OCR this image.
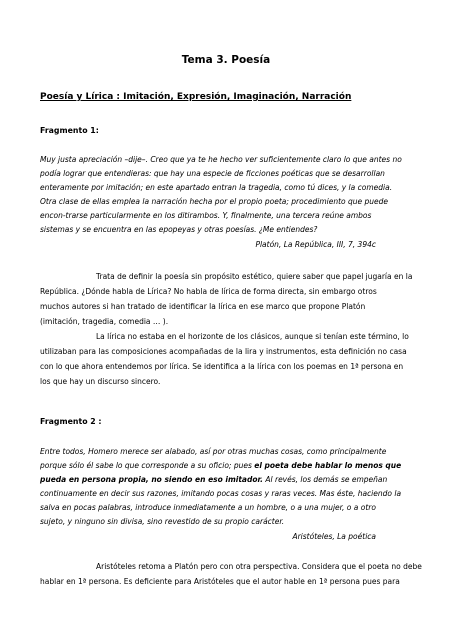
Tema 3. Poesía
Poesía y Lírica : Imitación, Expresión, Imaginación, Narración
Fragmento 1:
Muy justa apreciación –dije–. Creo que ya te he hecho ver suficientemente claro lo que antes no
podía lograr que entendieras: que hay una especie de ficciones poéticas que se desarrollan
enteramente por imitación; en este apartado entran la tragedia, como tú dices, y la comedia.
Otra clase de ellas emplea la narración hecha por el propio poeta; procedimiento que puede
encon-trarse particularmente en los ditirambos. Y, finalmente, una tercera reúne ambos
sistemas y se encuentra en las epopeyas y otras poesías. ¿Me entiendes?
Platón, La República, III, 7, 394c
Trata de definir la poesía sin propósito estético, quiere saber que papel jugaría en la
República. ¿Dónde habla de Lírica? No habla de lírica de forma directa, sin embargo otros
muchos autores si han tratado de identificar la lírica en ese marco que propone Platón
(imitación, tragedia, comedia … ).
La lírica no estaba en el horizonte de los clásicos, aunque si tenían este término, lo
utilizaban para las composiciones acompañadas de la lira y instrumentos, esta definición no casa
con lo que ahora entendemos por lírica. Se identifica a la lírica con los poemas en 1ª persona en
los que hay un discurso sincero.
Fragmento 2 :
Entre todos, Homero merece ser alabado, así por otras muchas cosas, como principalmente
porque sólo él sabe lo que corresponde a su oficio; pues el poeta debe hablar lo menos que
pueda en persona propia, no siendo en eso imitador. Al revés, los demás se empeñan
continuamente en decir sus razones, imitando pocas cosas y raras veces. Mas éste, haciendo la
salva en pocas palabras, introduce inmediatamente a un hombre, o a una mujer, o a otro
sujeto, y ninguno sin divisa, sino revestido de su propio carácter.
Aristóteles, La poética
Aristóteles retoma a Platón pero con otra perspectiva. Considera que el poeta no debe
hablar en 1ª persona. Es deficiente para Aristóteles que el autor hable en 1ª persona pues para
